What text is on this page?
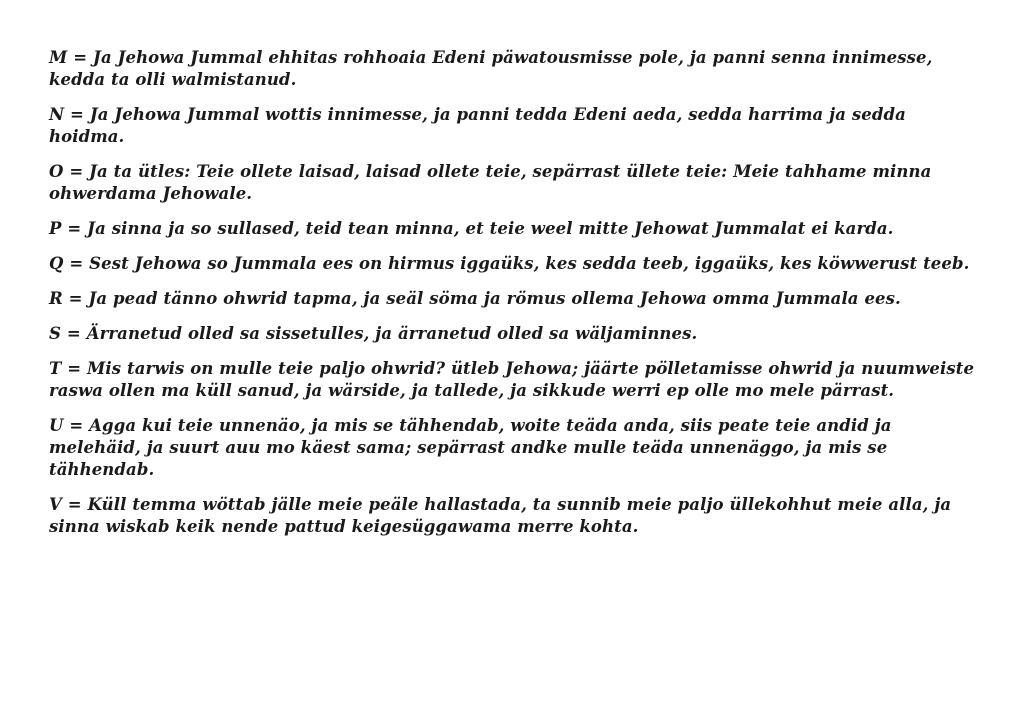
M = Ja Jehowa Jummal ehhitas rohhoaia Edeni päwatousmisse pole, ja panni senna innimesse, kedda ta olli walmistanud.

N = Ja Jehowa Jummal wottis innimesse, ja panni tedda Edeni aeda, sedda harrima ja sedda hoidma.

O = Ja ta ütles: Teie ollete laisad, laisad ollete teie, sepärrast üllete teie: Meie tahhame minna ohwerdama Jehowale.

P = Ja sinna ja so sullased, teid tean minna, et teie weel mitte Jehowat Jummalat ei karda.

Q = Sest Jehowa so Jummala ees on hirmus iggaüks, kes sedda teeb, iggaüks, kes köwwerust teeb.

R = Ja pead tänno ohwrid tapma, ja seäl söma ja römus ollema Jehowa omma Jummala ees.

S = Ärranetud olled sa sissetulles, ja ärranetud olled sa wäljaminnes.

T = Mis tarwis on mulle teie paljo ohwrid? ütleb Jehowa; jäärte pölletamisse ohwrid ja nuumweiste raswa ollen ma küll sanud, ja wärside, ja tallede, ja sikkude werri ep olle mo mele pärrast.

U = Agga kui teie unnenäo, ja mis se tähhendab, woite teäda anda, siis peate teie andid ja melehäid, ja suurt auu mo käest sama; sepärrast andke mulle teäda unnenäggo, ja mis se tähhendab.

V = Küll temma wöttab jälle meie peäle hallastada, ta sunnib meie paljo üllekohhut meie alla, ja sinna wiskab keik nende pattud keigesüggawama merre kohta.
